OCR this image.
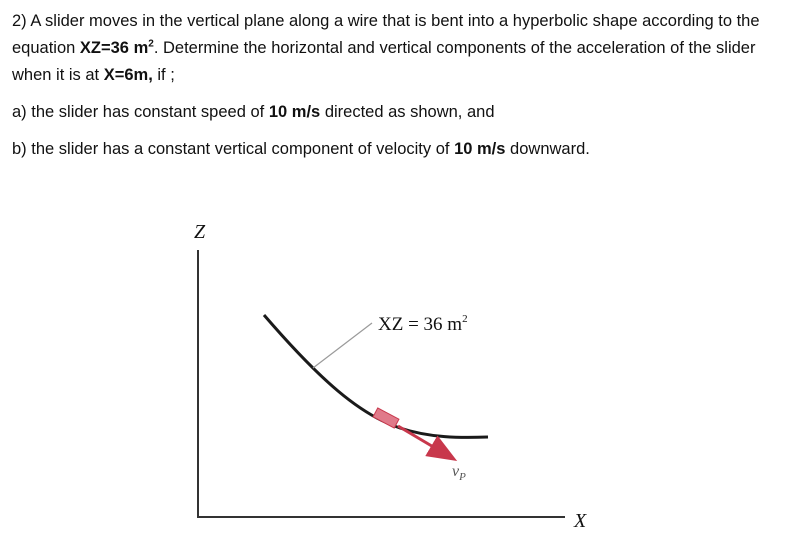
2) A slider moves in the vertical plane along a wire that is bent into a hyperbolic shape according to the equation XZ=36 $m^2$. Determine the horizontal and vertical components of the acceleration of the slider when it is at X=6m, if ;

a) the slider has constant speed of 10 m/s directed as shown, and

b) the slider has a constant vertical component of velocity of 10 m/s downward.

Z
X
XZ = 36 $m^2$
$v_P$
